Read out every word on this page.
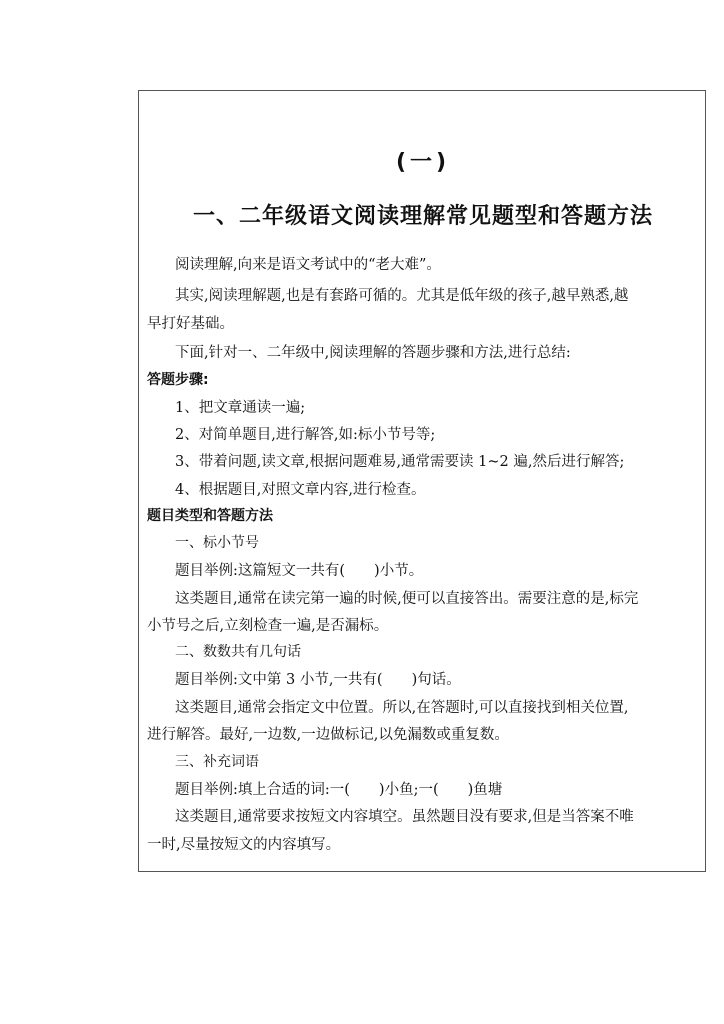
(一)
一、二年级语文阅读理解常见题型和答题方法
阅读理解,向来是语文考试中的“老大难”。
其实,阅读理解题,也是有套路可循的。尤其是低年级的孩子,越早熟悉,越
早打好基础。
下面,针对一、二年级中,阅读理解的答题步骤和方法,进行总结:
答题步骤:
1、把文章通读一遍;
2、对简单题目,进行解答,如:标小节号等;
3、带着问题,读文章,根据问题难易,通常需要读 1~2 遍,然后进行解答;
4、根据题目,对照文章内容,进行检查。
题目类型和答题方法
一、标小节号
题目举例:这篇短文一共有(　　)小节。
这类题目,通常在读完第一遍的时候,便可以直接答出。需要注意的是,标完
小节号之后,立刻检查一遍,是否漏标。
二、数数共有几句话
题目举例:文中第 3 小节,一共有(　　)句话。
这类题目,通常会指定文中位置。所以,在答题时,可以直接找到相关位置,
进行解答。最好,一边数,一边做标记,以免漏数或重复数。
三、补充词语
题目举例:填上合适的词:一(　　)小鱼;一(　　)鱼塘
这类题目,通常要求按短文内容填空。虽然题目没有要求,但是当答案不唯
一时,尽量按短文的内容填写。
